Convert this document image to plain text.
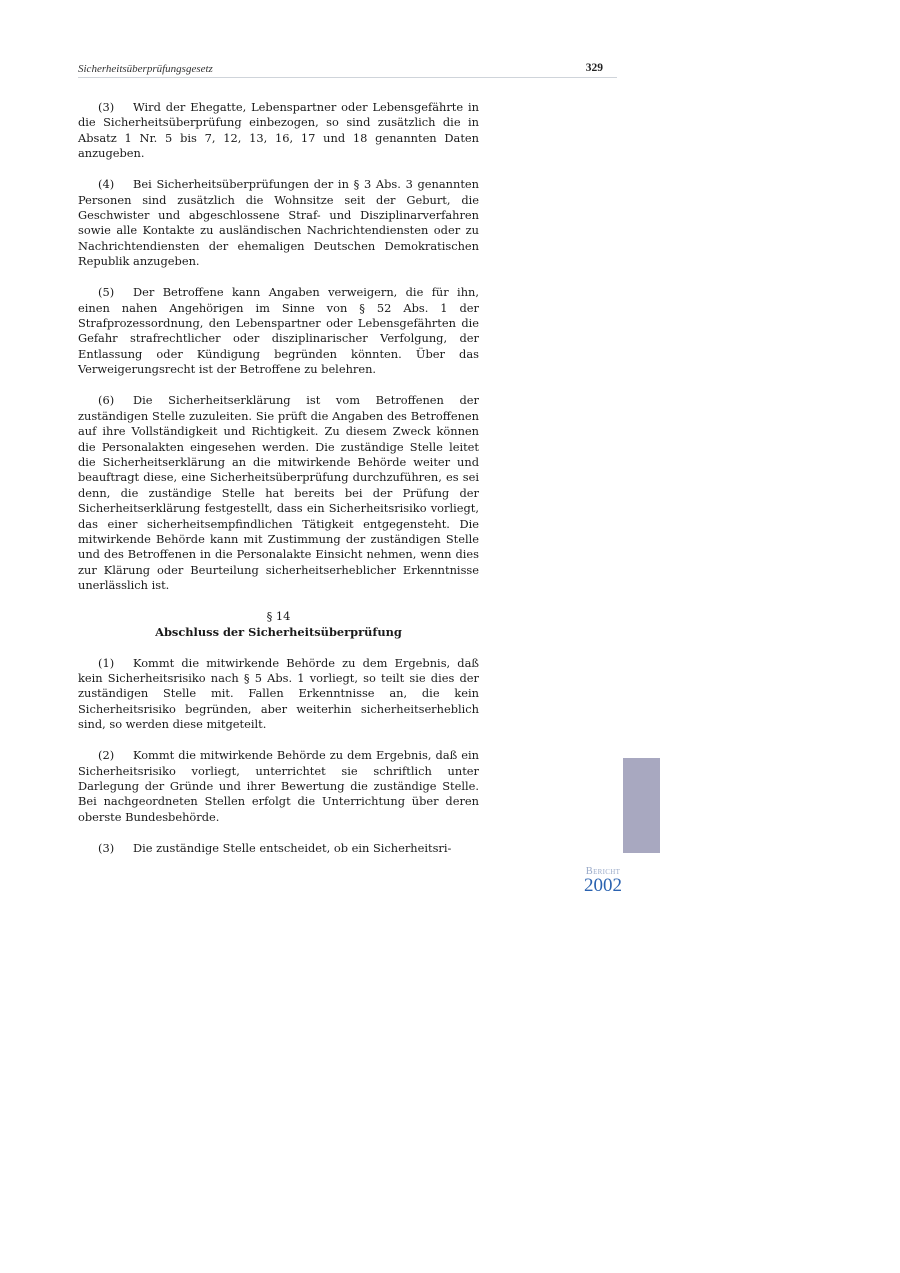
Sicherheitsüberprüfungsgesetz	329

(3) Wird der Ehegatte, Lebenspartner oder Lebensgefährte in die Sicherheitsüberprüfung einbezogen, so sind zusätzlich die in Absatz 1 Nr. 5 bis 7, 12, 13, 16, 17 und 18 genannten Daten anzugeben.

(4) Bei Sicherheitsüberprüfungen der in § 3 Abs. 3 genannten Personen sind zusätzlich die Wohnsitze seit der Geburt, die Geschwister und abgeschlossene Straf- und Disziplinarverfahren sowie alle Kontakte zu ausländischen Nachrichtendiensten oder zu Nachrichtendiensten der ehemaligen Deutschen Demokratischen Republik anzugeben.

(5) Der Betroffene kann Angaben verweigern, die für ihn, einen nahen Angehörigen im Sinne von § 52 Abs. 1 der Strafprozessordnung, den Lebenspartner oder Lebensgefährten die Gefahr strafrechtlicher oder disziplinarischer Verfolgung, der Entlassung oder Kündigung begründen könnten. Über das Verweigerungsrecht ist der Betroffene zu belehren.

(6) Die Sicherheitserklärung ist vom Betroffenen der zuständigen Stelle zuzuleiten. Sie prüft die Angaben des Betroffenen auf ihre Vollständigkeit und Richtigkeit. Zu diesem Zweck können die Personalakten eingesehen werden. Die zuständige Stelle leitet die Sicherheitserklärung an die mitwirkende Behörde weiter und beauftragt diese, eine Sicherheitsüberprüfung durchzuführen, es sei denn, die zuständige Stelle hat bereits bei der Prüfung der Sicherheitserklärung festgestellt, dass ein Sicherheitsrisiko vorliegt, das einer sicherheitsempfindlichen Tätigkeit entgegensteht. Die mitwirkende Behörde kann mit Zustimmung der zuständigen Stelle und des Betroffenen in die Personalakte Einsicht nehmen, wenn dies zur Klärung oder Beurteilung sicherheitserheblicher Erkenntnisse unerlässlich ist.

§ 14
Abschluss der Sicherheitsüberprüfung

(1) Kommt die mitwirkende Behörde zu dem Ergebnis, daß kein Sicherheitsrisiko nach § 5 Abs. 1 vorliegt, so teilt sie dies der zuständigen Stelle mit. Fallen Erkenntnisse an, die kein Sicherheitsrisiko begründen, aber weiterhin sicherheitserheblich sind, so werden diese mitgeteilt.

(2) Kommt die mitwirkende Behörde zu dem Ergebnis, daß ein Sicherheitsrisiko vorliegt, unterrichtet sie schriftlich unter Darlegung der Gründe und ihrer Bewertung die zuständige Stelle. Bei nachgeordneten Stellen erfolgt die Unterrichtung über deren oberste Bundesbehörde.

(3) Die zuständige Stelle entscheidet, ob ein Sicherheitsri-

Bericht
2002
